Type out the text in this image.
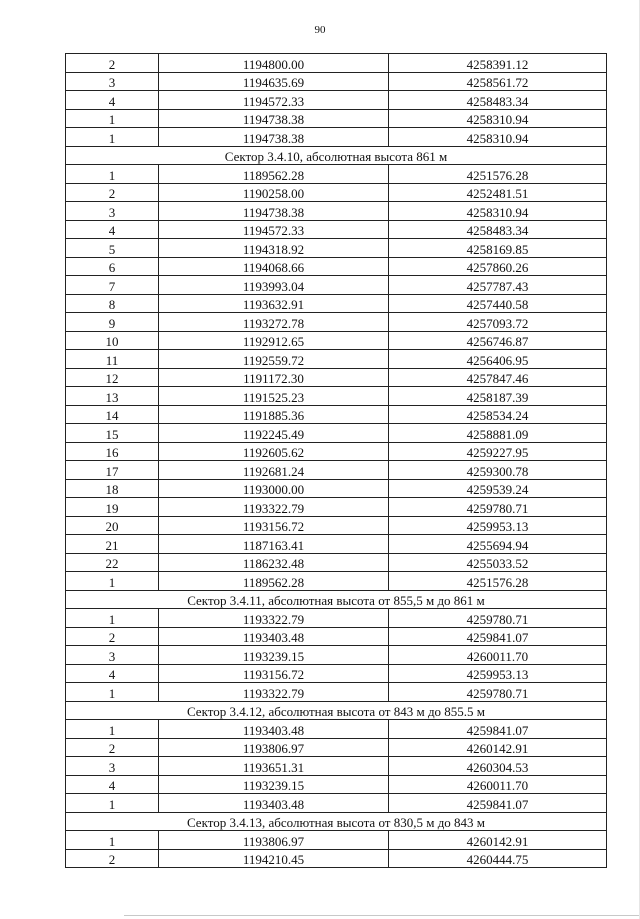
90
2	1194800.00	4258391.12
3	1194635.69	4258561.72
4	1194572.33	4258483.34
1	1194738.38	4258310.94
1	1194738.38	4258310.94
Сектор 3.4.10, абсолютная высота 861 м		
1	1189562.28	4251576.28
2	1190258.00	4252481.51
3	1194738.38	4258310.94
4	1194572.33	4258483.34
5	1194318.92	4258169.85
6	1194068.66	4257860.26
7	1193993.04	4257787.43
8	1193632.91	4257440.58
9	1193272.78	4257093.72
10	1192912.65	4256746.87
11	1192559.72	4256406.95
12	1191172.30	4257847.46
13	1191525.23	4258187.39
14	1191885.36	4258534.24
15	1192245.49	4258881.09
16	1192605.62	4259227.95
17	1192681.24	4259300.78
18	1193000.00	4259539.24
19	1193322.79	4259780.71
20	1193156.72	4259953.13
21	1187163.41	4255694.94
22	1186232.48	4255033.52
1	1189562.28	4251576.28
Сектор 3.4.11, абсолютная высота от 855,5 м до 861 м		
1	1193322.79	4259780.71
2	1193403.48	4259841.07
3	1193239.15	4260011.70
4	1193156.72	4259953.13
1	1193322.79	4259780.71
Сектор 3.4.12, абсолютная высота от 843 м до 855.5 м		
1	1193403.48	4259841.07
2	1193806.97	4260142.91
3	1193651.31	4260304.53
4	1193239.15	4260011.70
1	1193403.48	4259841.07
Сектор 3.4.13, абсолютная высота от 830,5 м до 843 м		
1	1193806.97	4260142.91
2	1194210.45	4260444.75
